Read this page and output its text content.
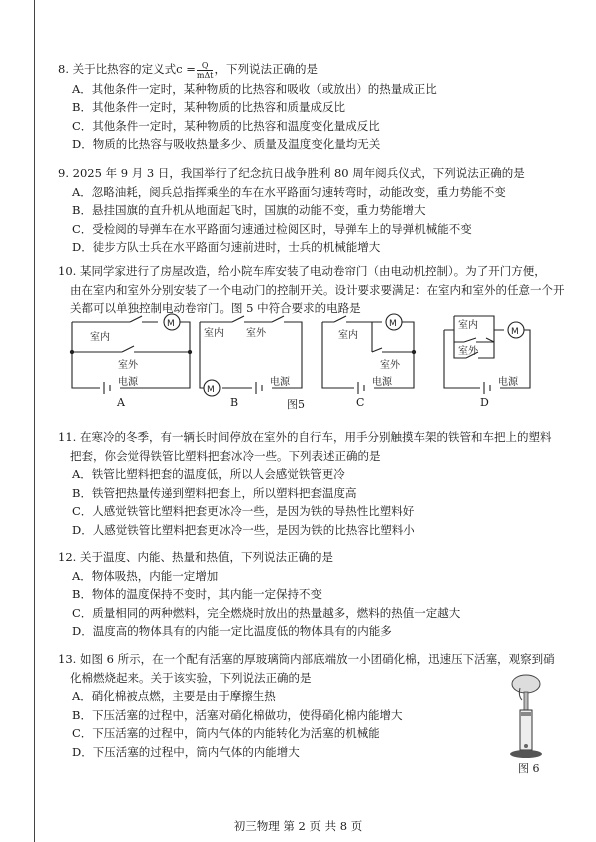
8. 关于比热容的定义式$c = \frac{Q}{\text{mΔt}}$ ，下列说法正确的是

A．其他条件一定时，某种物质的比热容和吸收（或放出）的热量成正比

B．其他条件一定时，某种物质的比热容和质量成反比

C．其他条件一定时，某种物质的比热容和温度变化量成反比

D．物质的比热容与吸收热量多少、质量及温度变化量均无关

9. 2025 年 9 月 3 日，我国举行了纪念抗日战争胜利 80 周年阅兵仪式，下列说法正确的是

A．忽略油耗，阅兵总指挥乘坐的车在水平路面匀速转弯时，动能改变，重力势能不变

B．悬挂国旗的直升机从地面起飞时，国旗的动能不变，重力势能增大

C．受检阅的导弹车在水平路面匀速通过检阅区时，导弹车上的导弹机械能不变

D．徒步方队士兵在水平路面匀速前进时，士兵的机械能增大

10. 某同学家进行了房屋改造，给小院车库安装了电动卷帘门（由电动机控制）。为了开门方便，

由在室内和室外分别安装了一个电动门的控制开关。设计要求要满足：在室内和室外的任意一个开

关都可以单独控制电动卷帘门。图 5 中符合要求的电路是

室内
室外
电源
M
室内 室外
电源
M
室内
室外
电源
M	室内
室外
电源
M
A	B	图5	C	D

11. 在寒冷的冬季，有一辆长时间停放在室外的自行车，用手分别触摸车架的铁管和车把上的塑料

把套，你会觉得铁管比塑料把套冰冷一些。下列表述正确的是

A．铁管比塑料把套的温度低，所以人会感觉铁管更冷

B．铁管把热量传递到塑料把套上，所以塑料把套温度高

C．人感觉铁管比塑料把套更冰冷一些，是因为铁的导热性比塑料好

D．人感觉铁管比塑料把套更冰冷一些，是因为铁的比热容比塑料小

12. 关于温度、内能、热量和热值，下列说法正确的是

A．物体吸热，内能一定增加

B．物体的温度保持不变时，其内能一定保持不变

C．质量相同的两种燃料，完全燃烧时放出的热量越多，燃料的热值一定越大

D．温度高的物体具有的内能一定比温度低的物体具有的内能多

13. 如图 6 所示，在一个配有活塞的厚玻璃筒内部底端放一小团硝化棉，迅速压下活塞，观察到硝

化棉燃烧起来。关于该实验，下列说法正确的是

A．硝化棉被点燃，主要是由于摩擦生热

B．下压活塞的过程中，活塞对硝化棉做功，使得硝化棉内能增大

C．下压活塞的过程中，筒内气体的内能转化为活塞的机械能

D．下压活塞的过程中，筒内气体的内能增大

图 6
初三物理 第 2 页 共 8 页
